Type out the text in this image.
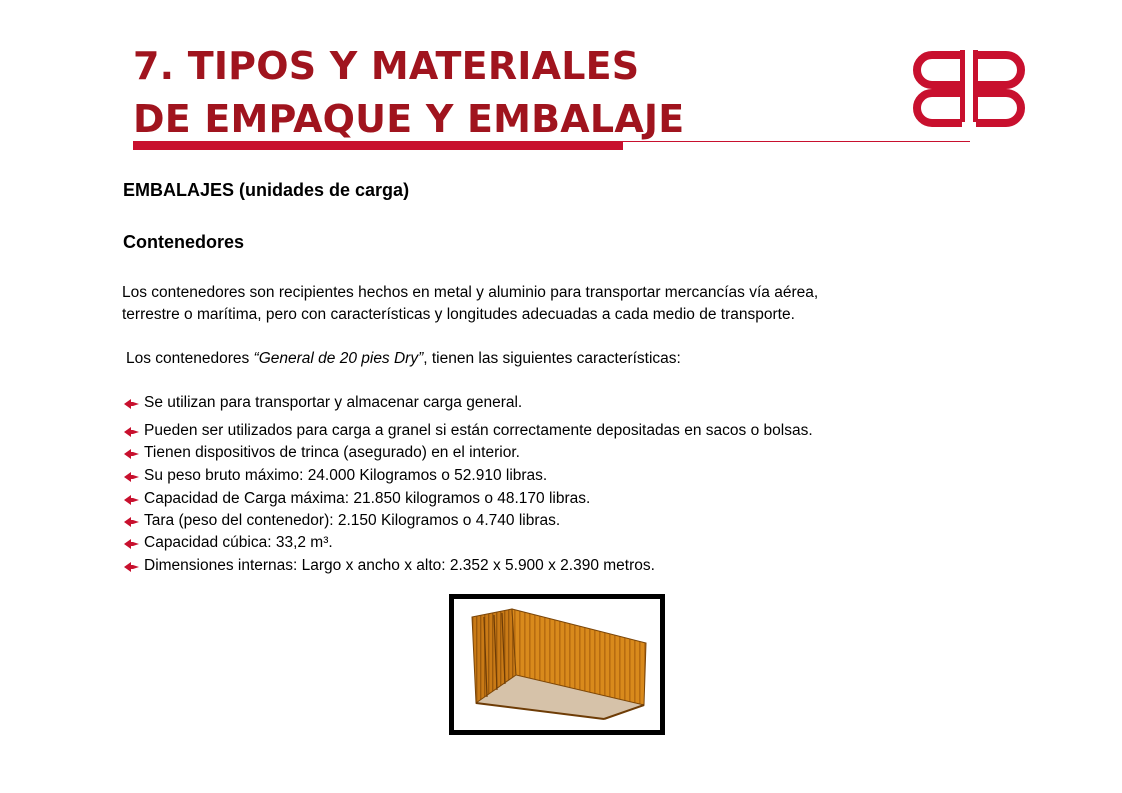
7. TIPOS Y MATERIALES
DE EMPAQUE Y EMBALAJE
EMBALAJES (unidades de carga)
Contenedores

Los contenedores son recipientes hechos en metal y aluminio para transportar mercancías vía aérea,
terrestre o marítima, pero con características y longitudes adecuadas a cada medio de transporte.

Los contenedores “General de 20 pies Dry”, tienen las siguientes características:

Se utilizan para transportar y almacenar carga general.
Pueden ser utilizados para carga a granel si están correctamente depositadas en sacos o bolsas.
Tienen dispositivos de trinca (asegurado) en el interior.
Su peso bruto máximo: 24.000 Kilogramos o 52.910 libras.
Capacidad de Carga máxima: 21.850 kilogramos o 48.170 libras.
Tara (peso del contenedor): 2.150 Kilogramos o 4.740 libras.
Capacidad cúbica: 33,2 m³.
Dimensiones internas: Largo x ancho x alto: 2.352 x 5.900 x 2.390 metros.
